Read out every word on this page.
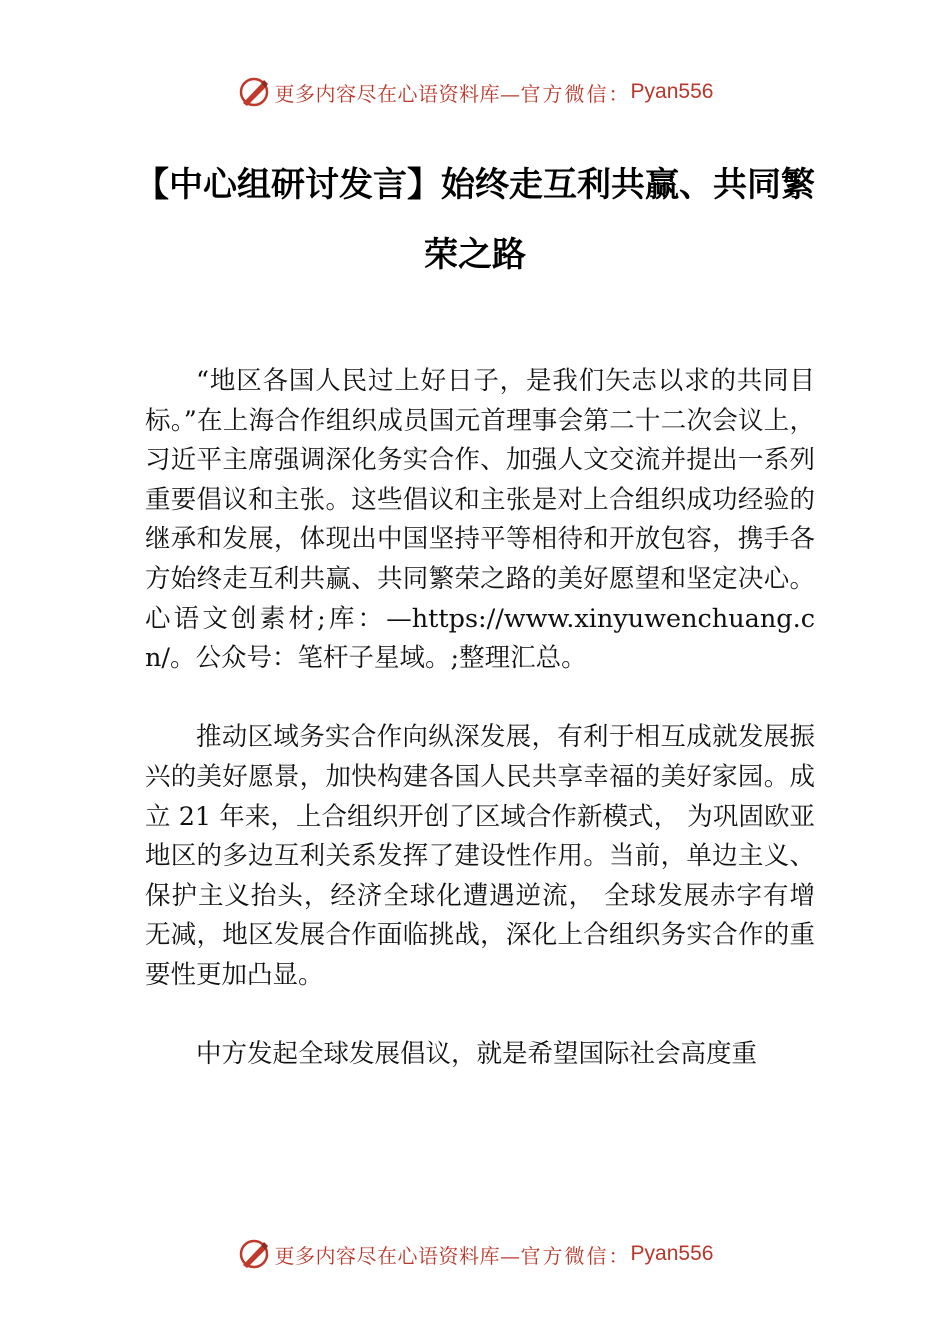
更多内容尽在心语资料库— 官方微信： Pyan556
【中心组研讨发言】始终走互利共赢、共同繁荣之路

“地区各国人民过上好日子，是我们矢志以求的共同目标。”在上海合作组织成员国元首理事会第二十二次会议上，习近平主席强调深化务实合作、加强人文交流并提出一系列重要倡议和主张。这些倡议和主张是对上合组织成功经验的继承和发展，体现出中国坚持平等相待和开放包容，携手各方始终走互利共赢、共同繁荣之路的美好愿望和坚定决心。心语文创素材;库：—https://www.xinyuwenchuang.cn/。公众号：笔杆子星域。;整理汇总。

推动区域务实合作向纵深发展，有利于相互成就发展振兴的美好愿景，加快构建各国人民共享幸福的美好家园。成立 21 年来，上合组织开创了区域合作新模式， 为巩固欧亚地区的多边互利关系发挥了建设性作用。当前，单边主义、保护主义抬头，经济全球化遭遇逆流， 全球发展赤字有增无减，地区发展合作面临挑战，深化上合组织务实合作的重要性更加凸显。

中方发起全球发展倡议，就是希望国际社会高度重

更多内容尽在心语资料库— 官方微信： Pyan556
